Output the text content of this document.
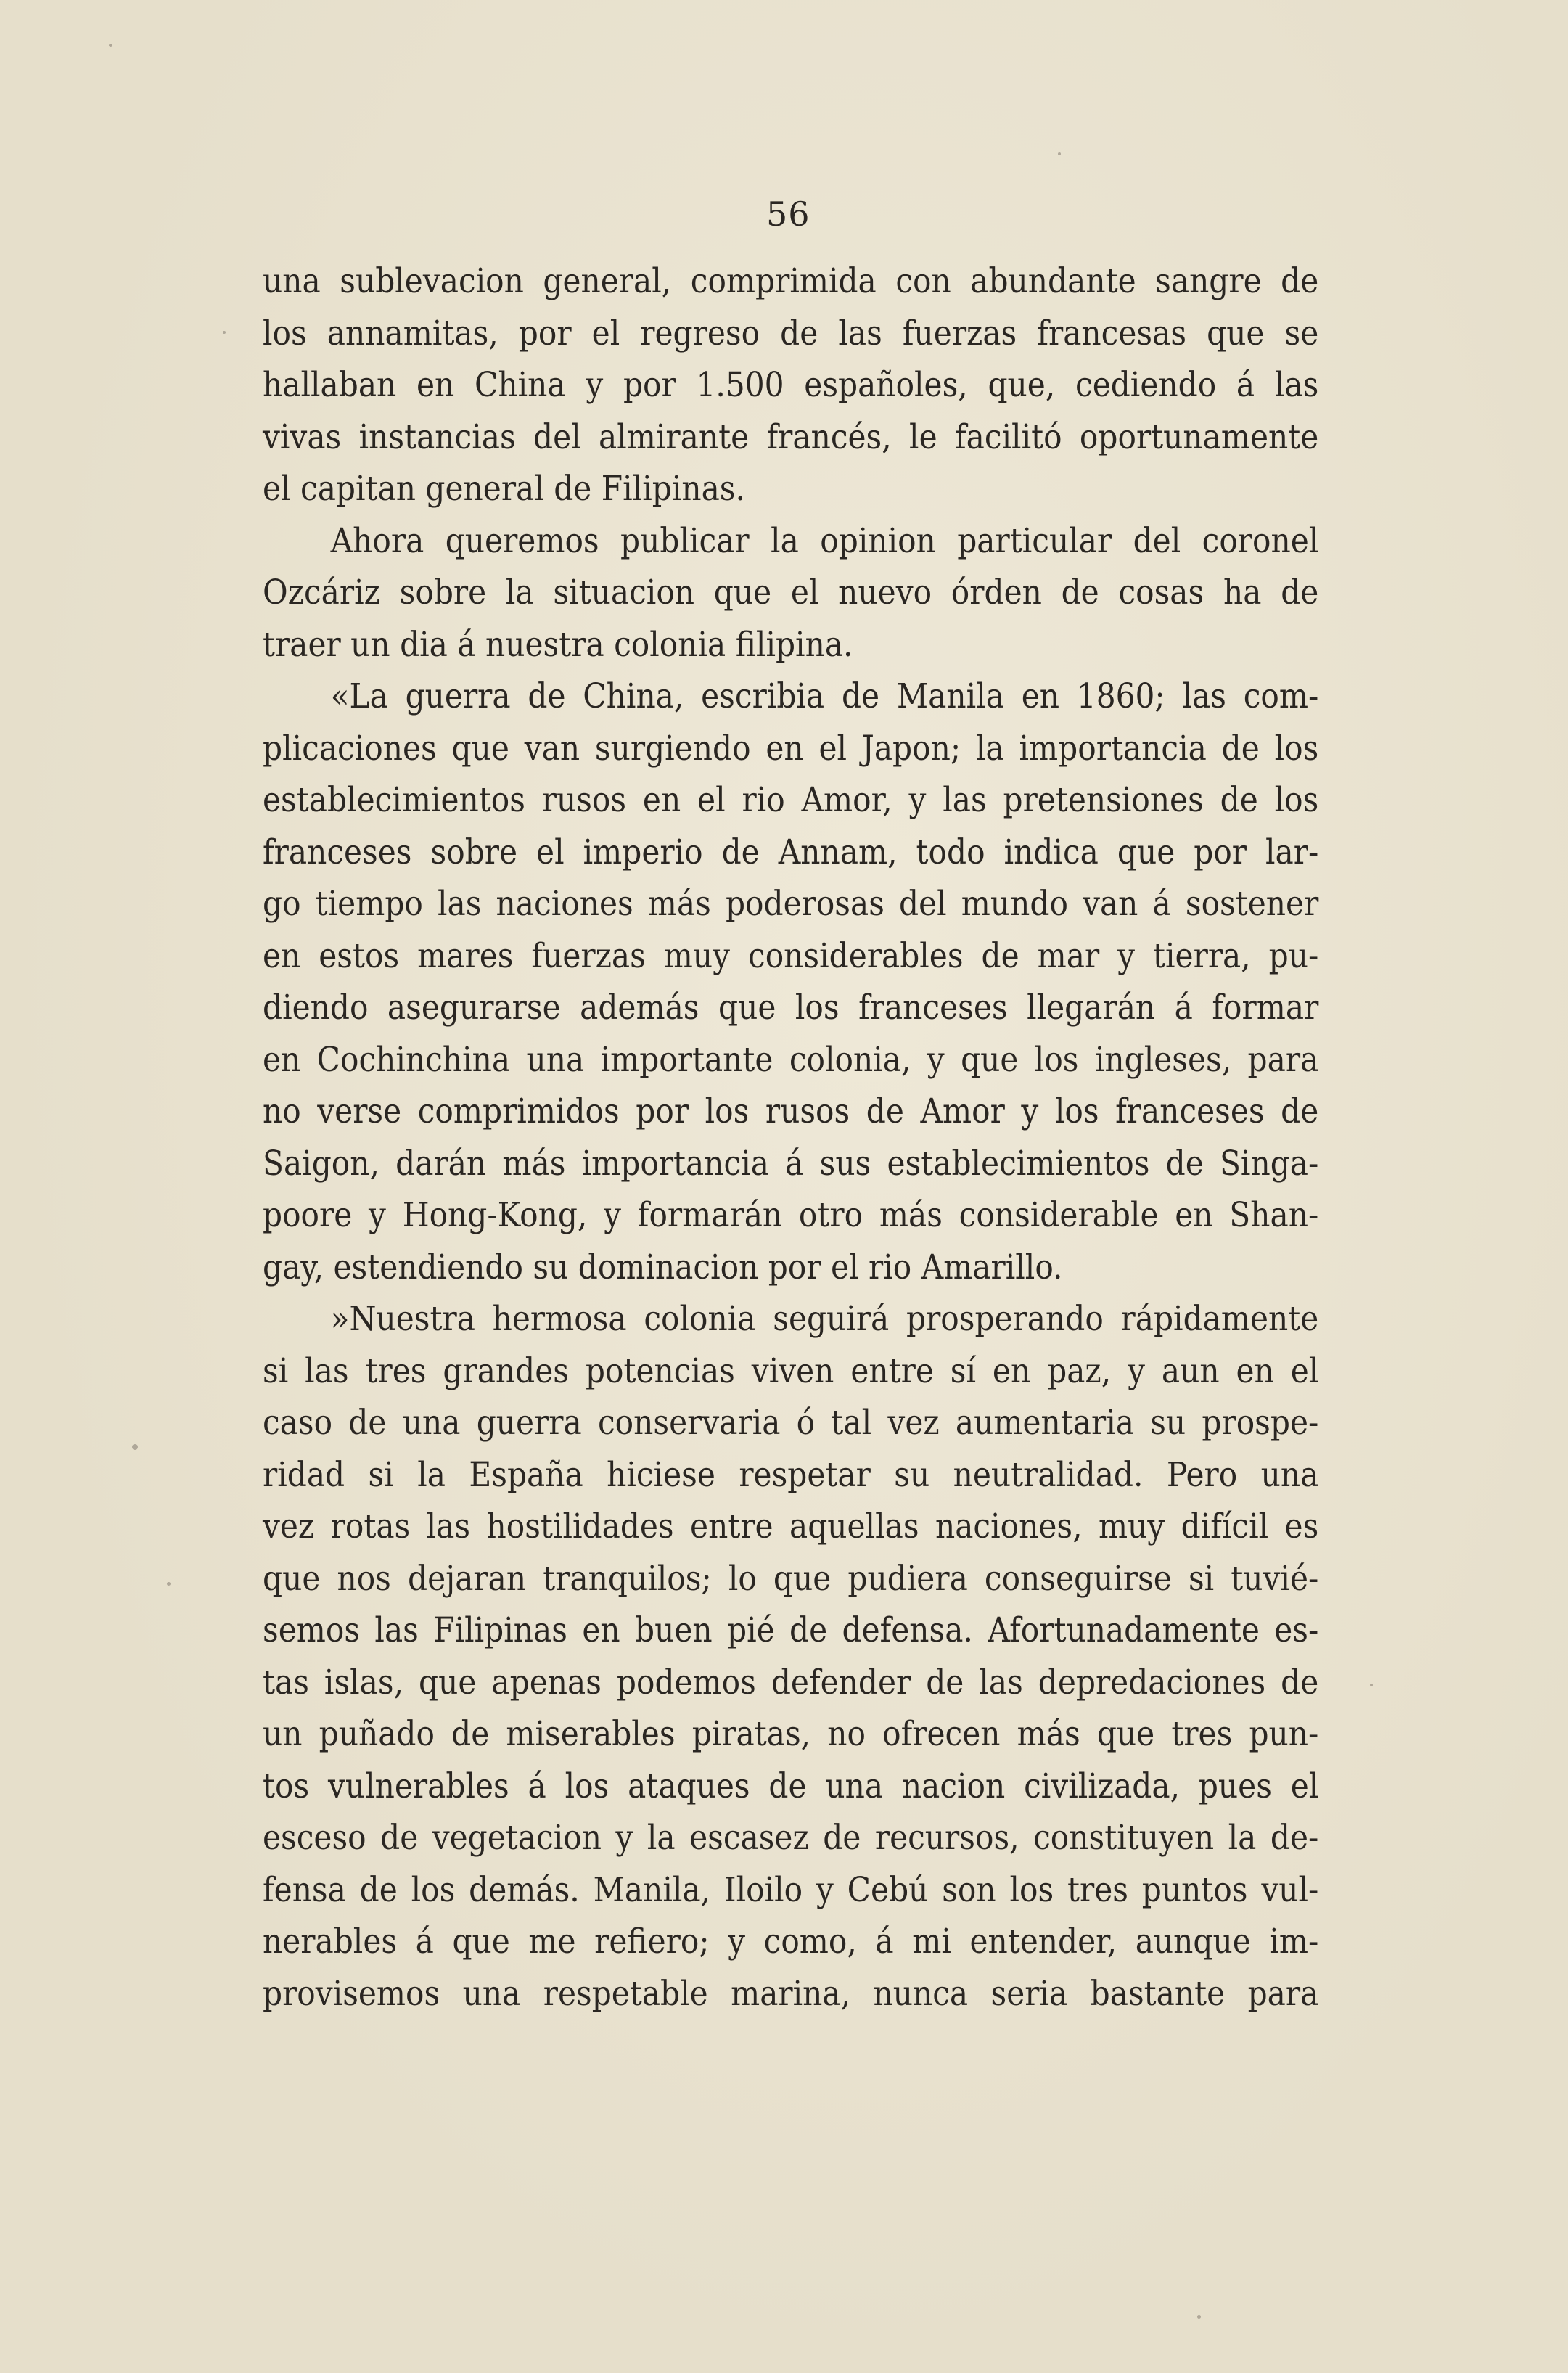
56
una sublevacion general, comprimida con abundante sangre de
los annamitas, por el regreso de las fuerzas francesas que se
hallaban en China y por 1.500 españoles, que, cediendo á las
vivas instancias del almirante francés, le facilitó oportunamente
el capitan general de Filipinas.
Ahora queremos publicar la opinion particular del coronel
Ozcáriz sobre la situacion que el nuevo órden de cosas ha de
traer un dia á nuestra colonia filipina.
«La guerra de China, escribia de Manila en 1860; las com-
plicaciones que van surgiendo en el Japon; la importancia de los
establecimientos rusos en el rio Amor, y las pretensiones de los
franceses sobre el imperio de Annam, todo indica que por lar-
go tiempo las naciones más poderosas del mundo van á sostener
en estos mares fuerzas muy considerables de mar y tierra, pu-
diendo asegurarse además que los franceses llegarán á formar
en Cochinchina una importante colonia, y que los ingleses, para
no verse comprimidos por los rusos de Amor y los franceses de
Saigon, darán más importancia á sus establecimientos de Singa-
poore y Hong-Kong, y formarán otro más considerable en Shan-
gay, estendiendo su dominacion por el rio Amarillo.
»Nuestra hermosa colonia seguirá prosperando rápidamente
si las tres grandes potencias viven entre sí en paz, y aun en el
caso de una guerra conservaria ó tal vez aumentaria su prospe-
ridad si la España hiciese respetar su neutralidad. Pero una
vez rotas las hostilidades entre aquellas naciones, muy difícil es
que nos dejaran tranquilos; lo que pudiera conseguirse si tuvié-
semos las Filipinas en buen pié de defensa. Afortunadamente es-
tas islas, que apenas podemos defender de las depredaciones de
un puñado de miserables piratas, no ofrecen más que tres pun-
tos vulnerables á los ataques de una nacion civilizada, pues el
esceso de vegetacion y la escasez de recursos, constituyen la de-
fensa de los demás. Manila, Iloilo y Cebú son los tres puntos vul-
nerables á que me refiero; y como, á mi entender, aunque im-
provisemos una respetable marina, nunca seria bastante para
